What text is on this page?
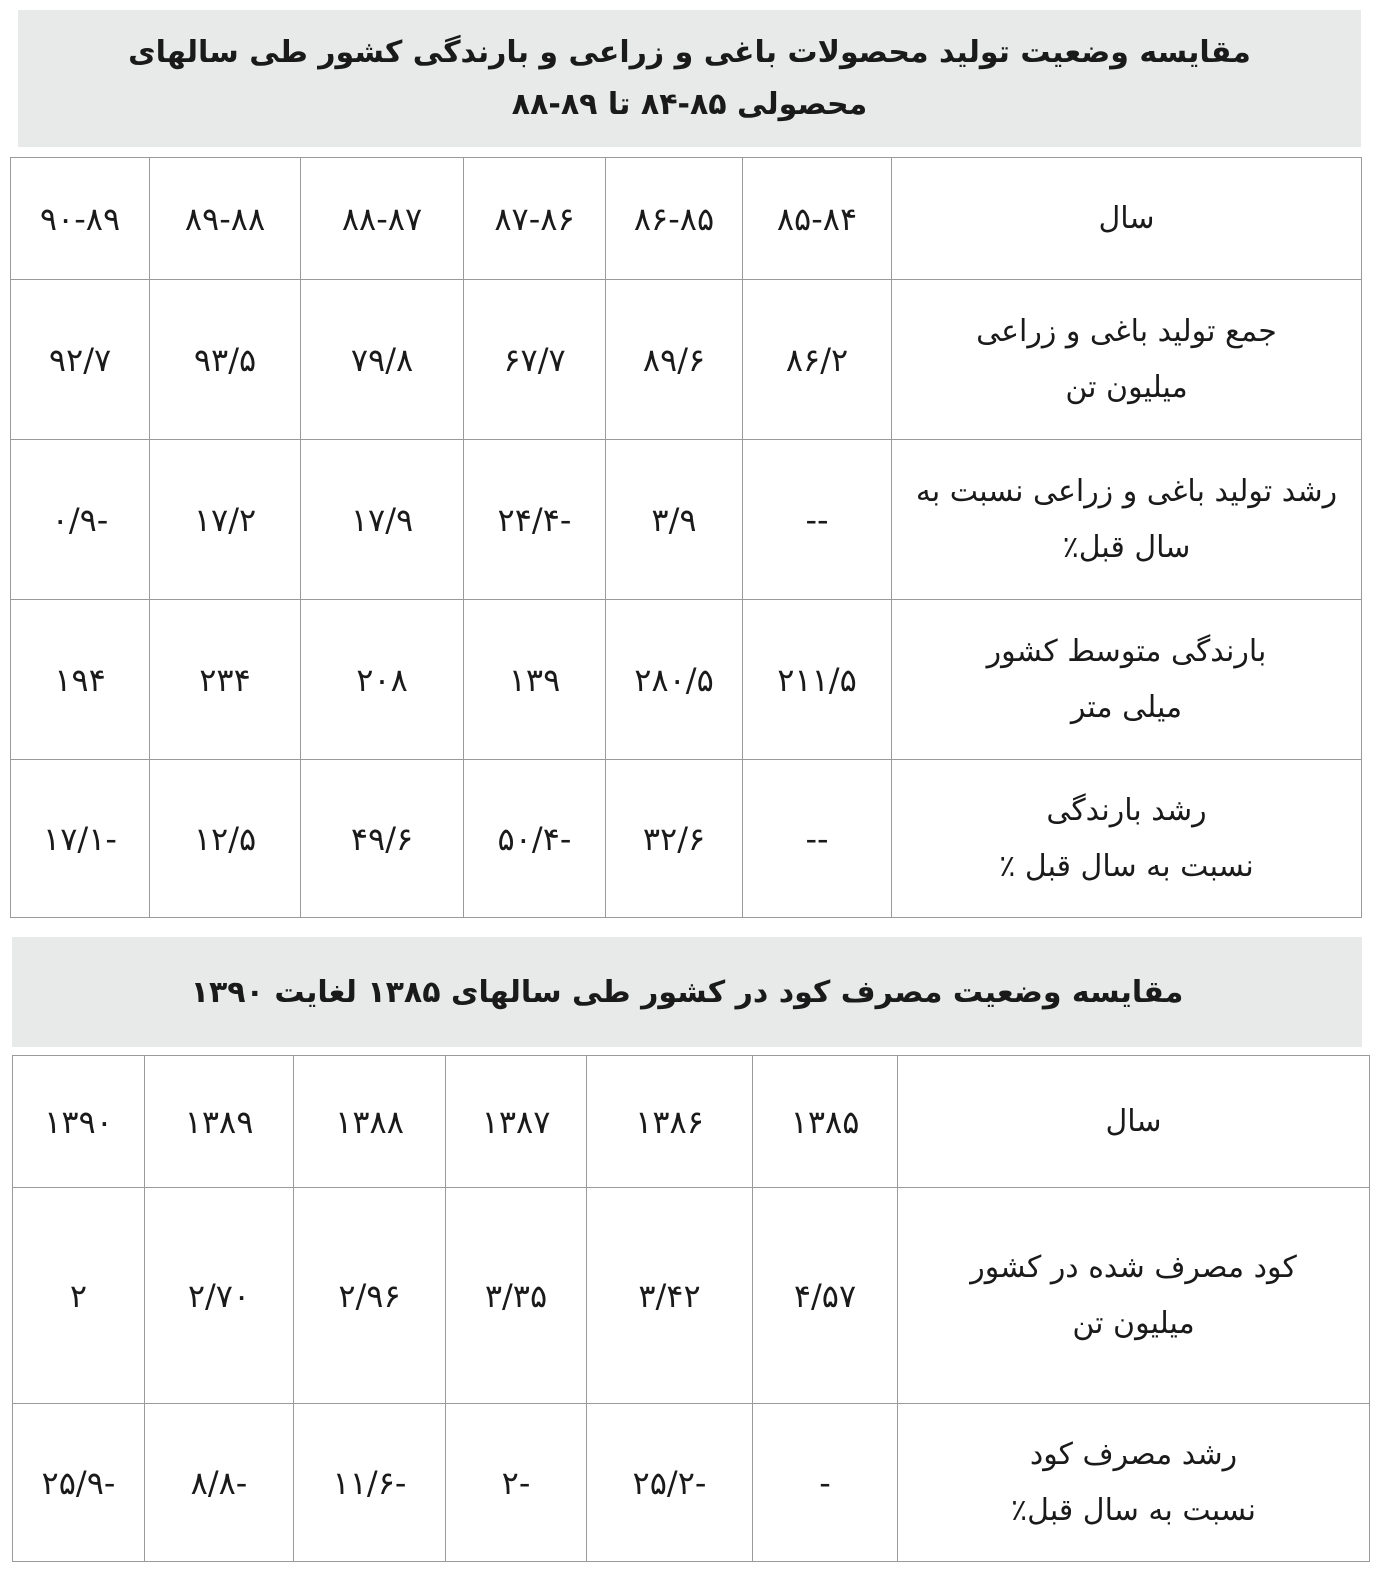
مقایسه وضعیت تولید محصولات باغی و زراعی و بارندگی کشور طی سالهای محصولی ۸۵-۸۴ تا ۸۹-۸۸
سال	۸۵-۸۴	۸۶-۸۵	۸۷-۸۶	۸۸-۸۷	۸۹-۸۸	۹۰-۸۹

جمع تولید باغی و زراعی
میلیون تن	۸۶/۲	۸۹/۶	۶۷/۷	۷۹/۸	۹۳/۵	۹۲/۷

رشد تولید باغی و زراعی نسبت به
سال قبل٪	--	۳/۹	-۲۴/۴	۱۷/۹	۱۷/۲	-۰/۹

بارندگی متوسط کشور
میلی متر	۲۱۱/۵	۲۸۰/۵	۱۳۹	۲۰۸	۲۳۴	۱۹۴

رشد بارندگی
نسبت به سال قبل ٪	--	۳۲/۶	-۵۰/۴	۴۹/۶	۱۲/۵	-۱۷/۱
مقایسه وضعیت مصرف کود در کشور طی سالهای ۱۳۸۵ لغایت ۱۳۹۰
سال	۱۳۸۵	۱۳۸۶	۱۳۸۷	۱۳۸۸	۱۳۸۹	۱۳۹۰

کود مصرف شده در کشور
میلیون تن	۴/۵۷	۳/۴۲	۳/۳۵	۲/۹۶	۲/۷۰	۲

رشد مصرف کود
نسبت به سال قبل٪	-	-۲۵/۲	-۲	-۱۱/۶	-۸/۸	-۲۵/۹
